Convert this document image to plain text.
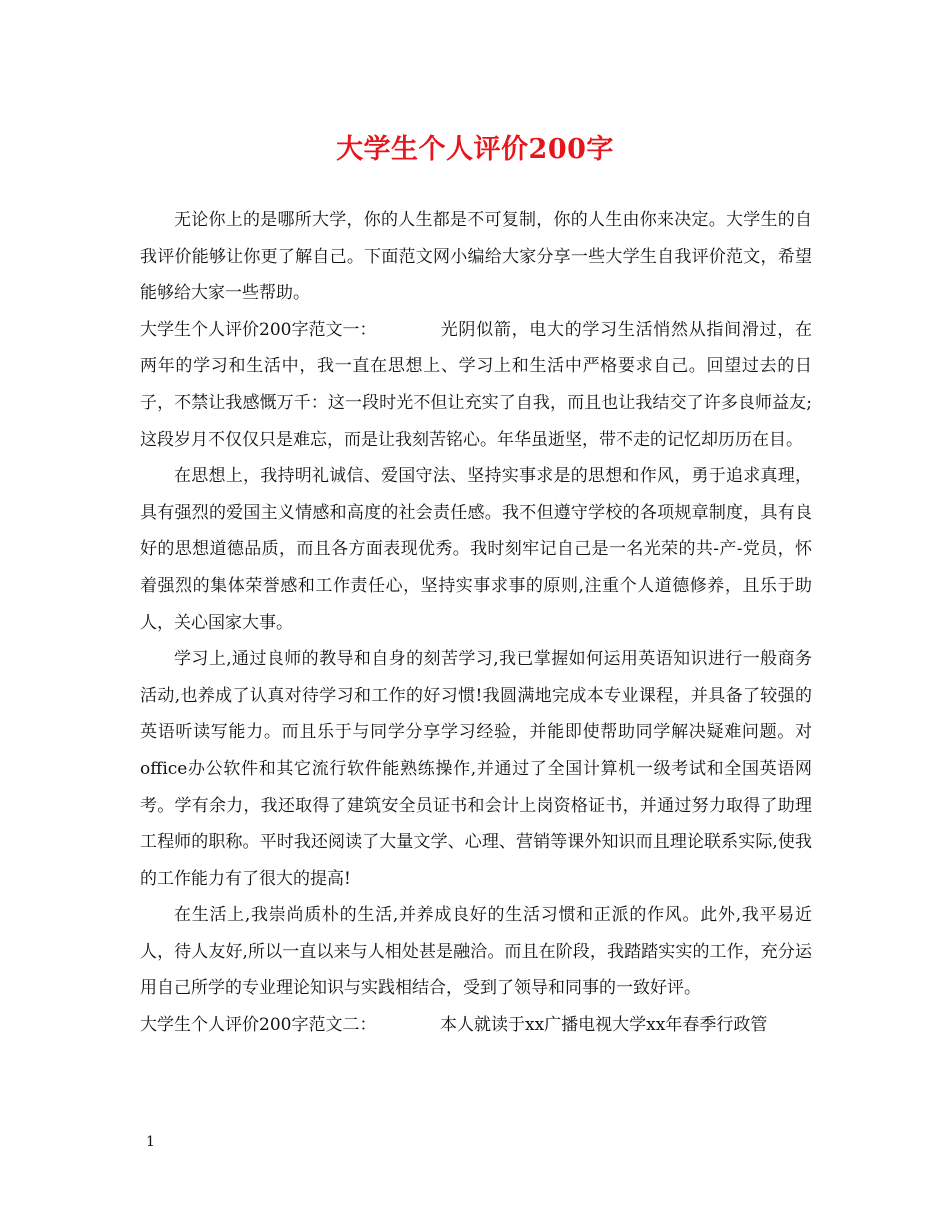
大学生个人评价200字

无论你上的是哪所大学，你的人生都是不可复制，你的人生由你来决定。大学生的自我评价能够让你更了解自己。下面范文网小编给大家分享一些大学生自我评价范文，希望能够给大家一些帮助。

大学生个人评价200字范文一：	光阴似箭，电大的学习生活悄然从指间滑过，在两年的学习和生活中，我一直在思想上、学习上和生活中严格要求自己。回望过去的日子，不禁让我感慨万千：这一段时光不但让充实了自我，而且也让我结交了许多良师益友;这段岁月不仅仅只是难忘，而是让我刻苦铭心。年华虽逝坚，带不走的记忆却历历在目。

在思想上，我持明礼诚信、爱国守法、坚持实事求是的思想和作风，勇于追求真理，具有强烈的爱国主义情感和高度的社会责任感。我不但遵守学校的各项规章制度，具有良好的思想道德品质，而且各方面表现优秀。我时刻牢记自己是一名光荣的共-产-党员，怀着强烈的集体荣誉感和工作责任心，坚持实事求事的原则,注重个人道德修养，且乐于助人，关心国家大事。

学习上,通过良师的教导和自身的刻苦学习,我已掌握如何运用英语知识进行一般商务活动,也养成了认真对待学习和工作的好习惯!我圆满地完成本专业课程，并具备了较强的英语听读写能力。而且乐于与同学分享学习经验，并能即使帮助同学解决疑难问题。对office办公软件和其它流行软件能熟练操作,并通过了全国计算机一级考试和全国英语网考。学有余力，我还取得了建筑安全员证书和会计上岗资格证书，并通过努力取得了助理工程师的职称。平时我还阅读了大量文学、心理、营销等课外知识而且理论联系实际,使我的工作能力有了很大的提高!

在生活上,我崇尚质朴的生活,并养成良好的生活习惯和正派的作风。此外,我平易近人，待人友好,所以一直以来与人相处甚是融洽。而且在阶段，我踏踏实实的工作，充分运用自己所学的专业理论知识与实践相结合，受到了领导和同事的一致好评。

大学生个人评价200字范文二：	本人就读于xx广播电视大学xx年春季行政管

1
